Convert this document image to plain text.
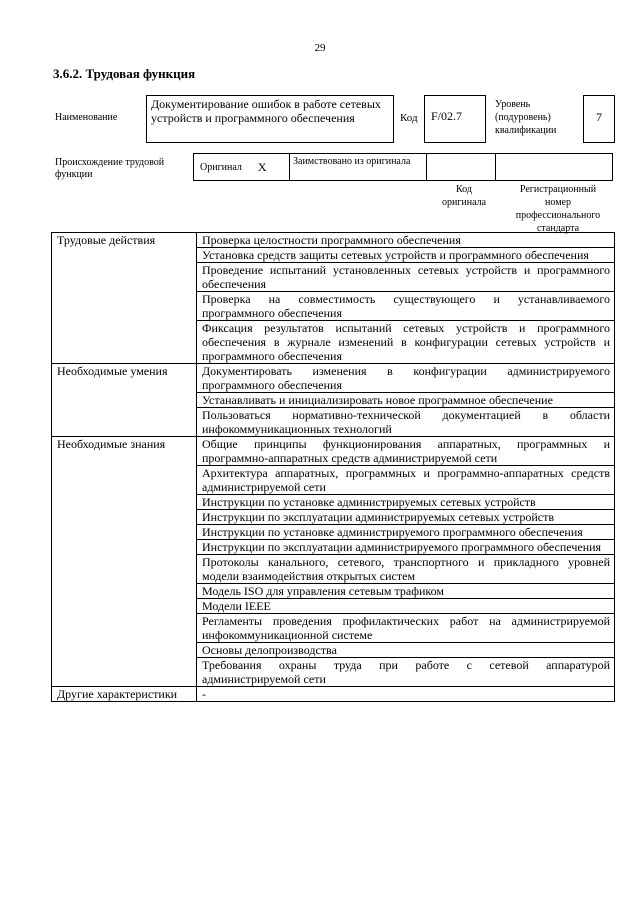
29
3.6.2. Трудовая функция
Наименование
Документирование ошибок в работе сетевых устройств и программного обеспечения	Код	F/02.7
Уровень (подуровень) квалификации
7
Происхождение трудовой функции
Оригинал X	Заимствовано из оригинала
Код оригинала
Регистрационный номер профессионального стандарта
Трудовые действия	Проверка целостности программного обеспечения
	Установка средств защиты сетевых устройств и программного обеспечения
	Проведение испытаний установленных сетевых устройств и программного обеспечения
	Проверка на совместимость существующего и устанавливаемого программного обеспечения
	Фиксация результатов испытаний сетевых устройств и программного обеспечения в журнале изменений в конфигурации сетевых устройств и программного обеспечения
Необходимые умения	Документировать изменения в конфигурации администрируемого программного обеспечения
	Устанавливать и инициализировать новое программное обеспечение
	Пользоваться нормативно-технической документацией в области инфокоммуникационных технологий
Необходимые знания	Общие принципы функционирования аппаратных, программных и программно-аппаратных средств администрируемой сети
	Архитектура аппаратных, программных и программно-аппаратных средств администрируемой сети
	Инструкции по установке администрируемых сетевых устройств
	Инструкции по эксплуатации администрируемых сетевых устройств
	Инструкции по установке администрируемого программного обеспечения
	Инструкции по эксплуатации администрируемого программного обеспечения
	Протоколы канального, сетевого, транспортного и прикладного уровней модели взаимодействия открытых систем
	Модель ISO для управления сетевым трафиком
	Модели IEEE
	Регламенты проведения профилактических работ на администрируемой инфокоммуникационной системе
	Основы делопроизводства
	Требования охраны труда при работе с сетевой аппаратурой администрируемой сети
Другие характеристики	-
